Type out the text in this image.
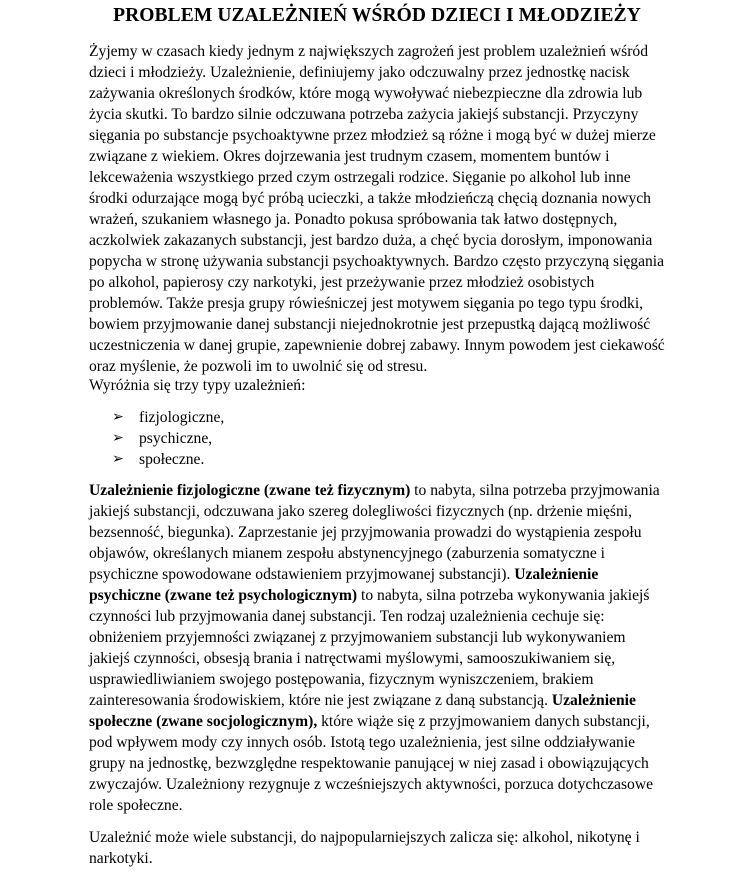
PROBLEM UZALEŻNIEŃ WŚRÓD DZIECI I MŁODZIEŻY

Żyjemy w czasach kiedy jednym z największych zagrożeń jest problem uzależnień wśród dzieci i młodzieży. Uzależnienie, definiujemy jako odczuwalny przez jednostkę nacisk zażywania określonych środków, które mogą wywoływać niebezpieczne dla zdrowia lub życia skutki. To bardzo silnie odczuwana potrzeba zażycia jakiejś substancji. Przyczyny sięgania po substancje psychoaktywne przez młodzież są różne i mogą być w dużej mierze związane z wiekiem. Okres dojrzewania jest trudnym czasem, momentem buntów i lekceważenia wszystkiego przed czym ostrzegali rodzice. Sięganie po alkohol lub inne środki odurzające mogą być próbą ucieczki, a także młodzieńczą chęcią doznania nowych wrażeń, szukaniem własnego ja. Ponadto pokusa spróbowania tak łatwo dostępnych, aczkolwiek zakazanych substancji, jest bardzo duża, a chęć bycia dorosłym, imponowania popycha w stronę używania substancji psychoaktywnych. Bardzo często przyczyną sięgania po alkohol, papierosy czy narkotyki, jest przeżywanie przez młodzież osobistych problemów. Także presja grupy rówieśniczej jest motywem sięgania po tego typu środki, bowiem przyjmowanie danej substancji niejednokrotnie jest przepustką dającą możliwość uczestniczenia w danej grupie, zapewnienie dobrej zabawy. Innym powodem jest ciekawość oraz myślenie, że pozwoli im to uwolnić się od stresu.

Wyróżnia się trzy typy uzależnień:

➢ fizjologiczne,
➢ psychiczne,
➢ społeczne.

Uzależnienie fizjologiczne (zwane też fizycznym) to nabyta, silna potrzeba przyjmowania jakiejś substancji, odczuwana jako szereg dolegliwości fizycznych (np. drżenie mięśni, bezsenność, biegunka). Zaprzestanie jej przyjmowania prowadzi do wystąpienia zespołu objawów, określanych mianem zespołu abstynencyjnego (zaburzenia somatyczne i psychiczne spowodowane odstawieniem przyjmowanej substancji). Uzależnienie psychiczne (zwane też psychologicznym) to nabyta, silna potrzeba wykonywania jakiejś czynności lub przyjmowania danej substancji. Ten rodzaj uzależnienia cechuje się: obniżeniem przyjemności związanej z przyjmowaniem substancji lub wykonywaniem jakiejś czynności, obsesją brania i natręctwami myślowymi, samooszukiwaniem się, usprawiedliwianiem swojego postępowania, fizycznym wyniszczeniem, brakiem zainteresowania środowiskiem, które nie jest związane z daną substancją. Uzależnienie społeczne (zwane socjologicznym), które wiąże się z przyjmowaniem danych substancji, pod wpływem mody czy innych osób. Istotą tego uzależnienia, jest silne oddziaływanie grupy na jednostkę, bezwzględne respektowanie panującej w niej zasad i obowiązujących zwyczajów. Uzależniony rezygnuje z wcześniejszych aktywności, porzuca dotychczasowe role społeczne.

Uzależnić może wiele substancji, do najpopularniejszych zalicza się: alkohol, nikotynę i narkotyki.
